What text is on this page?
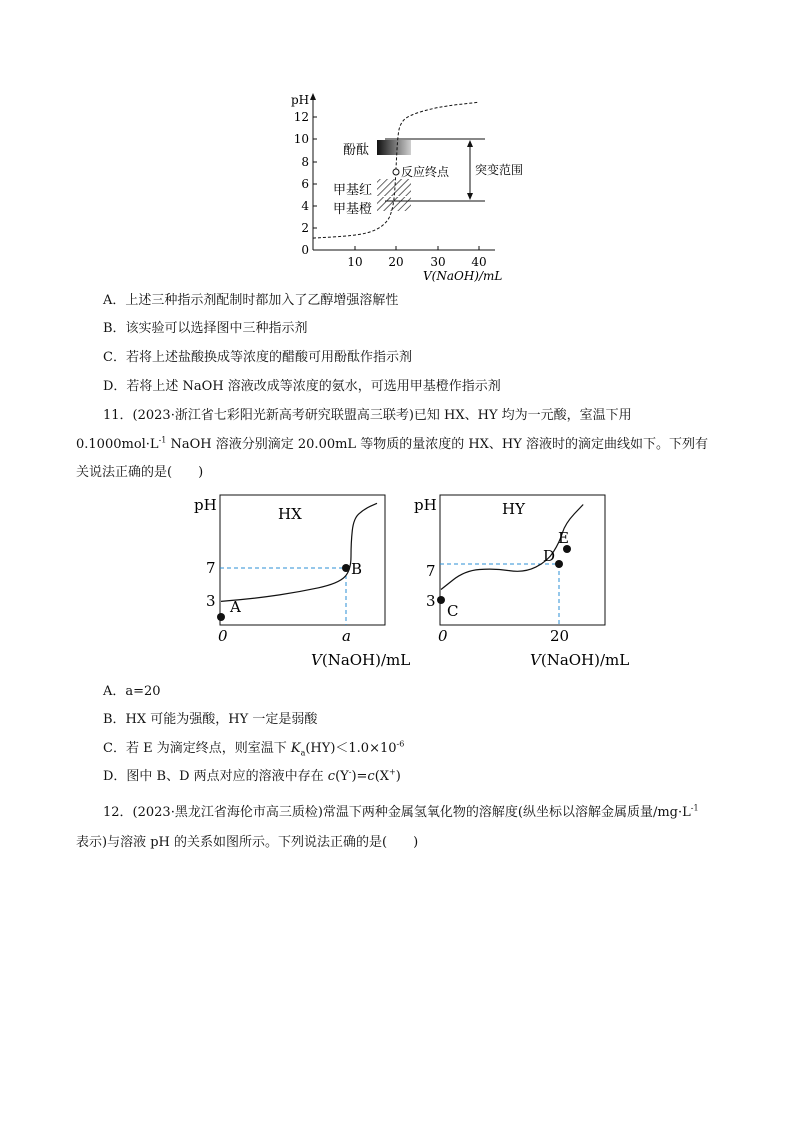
pH
0
2
4
6
8
10
12
10 20 30 40
V(NaOH)/mL
酚酞
反应终点 突变范围
甲基红
甲基橙
A．上述三种指示剂配制时都加入了乙醇增强溶解性
B．该实验可以选择图中三种指示剂
C．若将上述盐酸换成等浓度的醋酸可用酚酞作指示剂
D．若将上述 NaOH 溶液改成等浓度的氨水，可选用甲基橙作指示剂
11．(2023·浙江省七彩阳光新高考研究联盟高三联考)已知 HX、HY 均为一元酸，室温下用
$0.1000mol\cdot L^{-1}$ NaOH 溶液分别滴定 20.00mL 等物质的量浓度的 HX、HY 溶液时的滴定曲线如下。下列有
关说法正确的是(　　)
pH	HX
7
3
0	a
A
B
V(NaOH)/mL
pH	HY
7
3
0	20
C
D
E
V(NaOH)/mL
A．a=20
B．HX 可能为强酸，HY 一定是弱酸
C．若 E 为滴定终点，则室温下 $K_a(HY)<1.0\times 10^{-6}$
D．图中 B、D 两点对应的溶液中存在 c(Y-)=c(X+)
12．(2023·黑龙江省海伦市高三质检)常温下两种金属氢氧化物的溶解度(纵坐标以溶解金属质量$/mg\cdot L^{-1}$
表示)与溶液 pH 的关系如图所示。下列说法正确的是(　　)
